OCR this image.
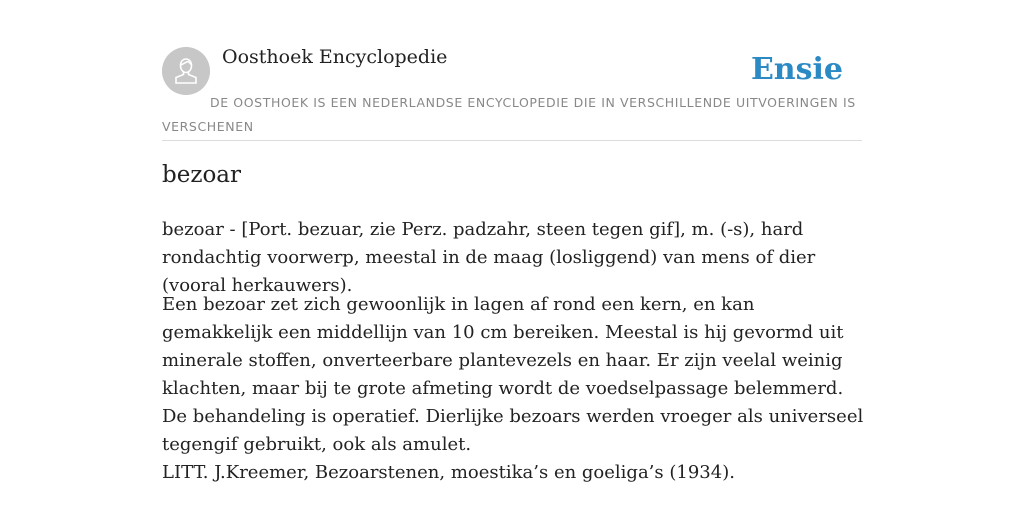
Oosthoek Encyclopedie	Ensie
DE OOSTHOEK IS EEN NEDERLANDSE ENCYCLOPEDIE DIE IN VERSCHILLENDE UITVOERINGEN IS VERSCHENEN
bezoar

bezoar - [Port. bezuar, zie Perz. padzahr, steen tegen gif], m. (-s), hard rondachtig voorwerp, meestal in de maag (losliggend) van mens of dier (vooral herkauwers).

Een bezoar zet zich gewoonlijk in lagen af rond een kern, en kan gemakkelijk een middellijn van 10 cm bereiken. Meestal is hij gevormd uit minerale stoffen, onverteerbare plantevezels en haar. Er zijn veelal weinig klachten, maar bij te grote afmeting wordt de voedselpassage belemmerd. De behandeling is operatief. Dierlijke bezoars werden vroeger als universeel tegengif gebruikt, ook als amulet.

LITT. J.Kreemer, Bezoarstenen, moestika’s en goeliga’s (1934).
